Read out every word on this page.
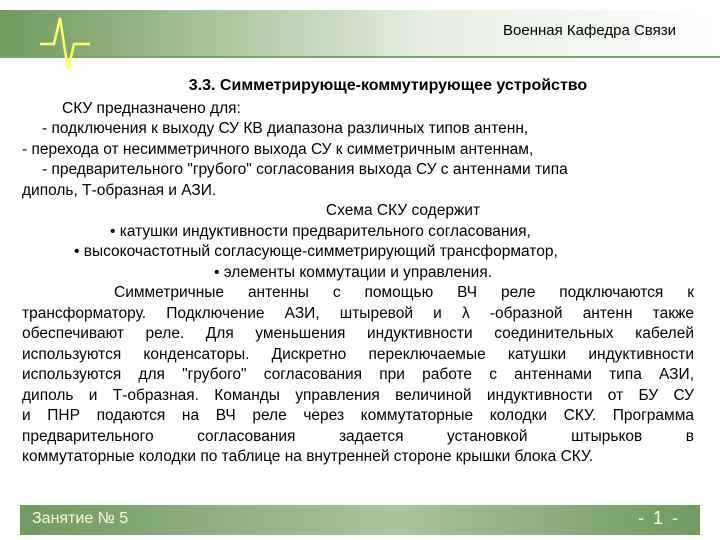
Военная Кафедра Связи
3.3. Симметрирующе-коммутирующее устройство
СКУ предназначено для:
- подключения к выходу СУ КВ диапазона различных типов антенн,
- перехода от несимметричного выхода СУ к симметричным антеннам,
- предварительного "грубого" согласования выхода СУ с антеннами типа
диполь, Т-образная и АЗИ.
Схема СКУ содержит
• катушки индуктивности предварительного согласования,
• высокочастотный согласующе-симметрирующий трансформатор,
• элементы коммутации и управления.
Симметричные антенны с помощью ВЧ реле подключаются к
трансформатору. Подключение АЗИ, штыревой и λ -образной антенн также
обеспечивают реле. Для уменьшения индуктивности соединительных кабелей
используются конденсаторы. Дискретно переключаемые катушки индуктивности
используются для "грубого" согласования при работе с антеннами типа АЗИ,
диполь и Т-образная. Команды управления величиной индуктивности от БУ СУ
и ПНР подаются на ВЧ реле через коммутаторные колодки СКУ. Программа
предварительного согласования задается установкой штырьков в
коммутаторные колодки по таблице на внутренней стороне крышки блока СКУ.
Занятие № 5	- 1 -
